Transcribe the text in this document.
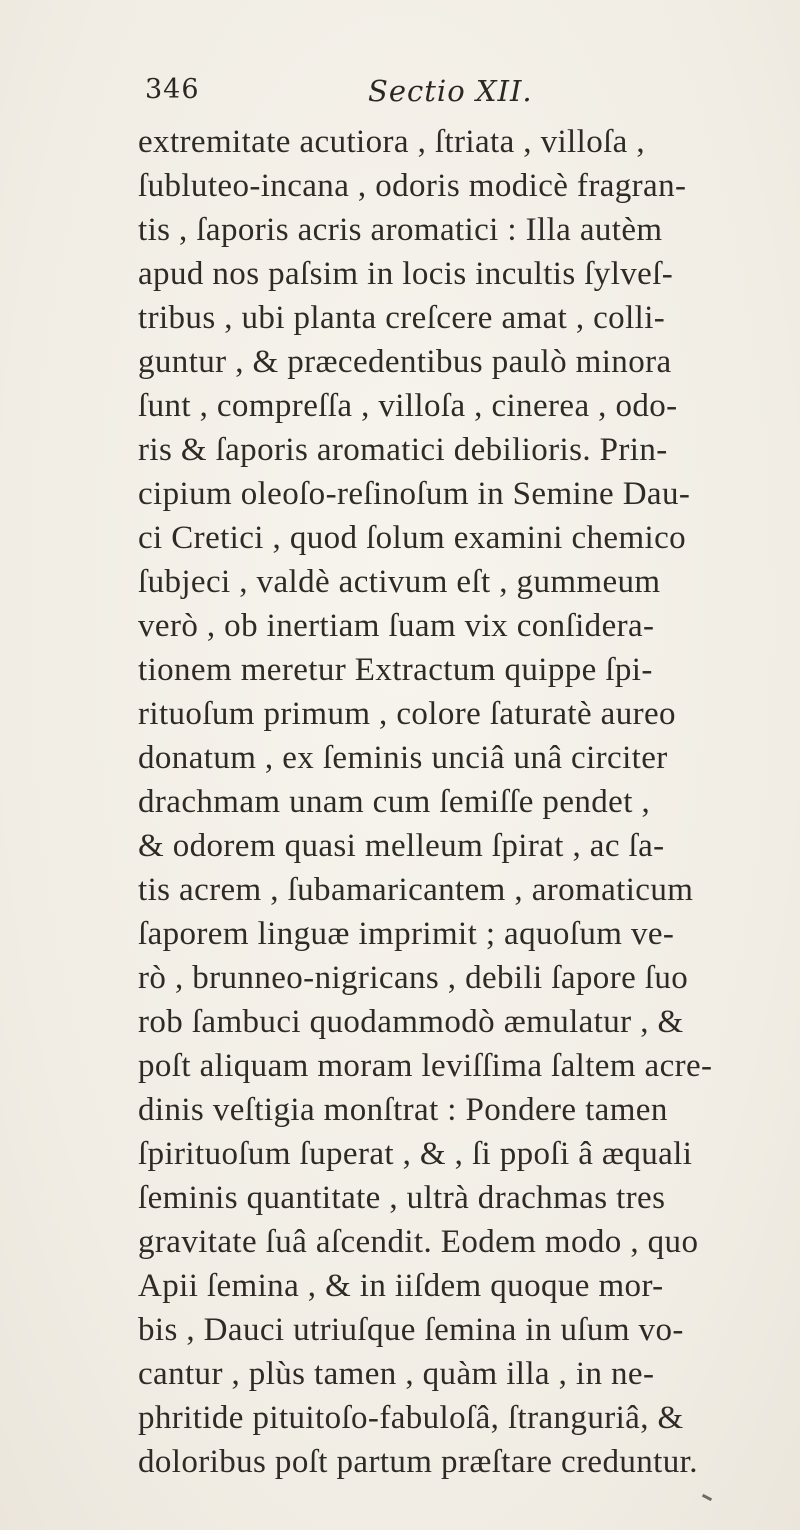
346	Sectio XII.
extremitate acutiora , ſtriata , villoſa ,
ſubluteo-incana , odoris modicè fragran-
tis , ſaporis acris aromatici : Illa autèm
apud nos paſsim in locis incultis ſylveſ-
tribus , ubi planta creſcere amat , colli-
guntur , & præcedentibus paulò minora
ſunt , compreſſa , villoſa , cinerea , odo-
ris & ſaporis aromatici debilioris. Prin-
cipium oleoſo-reſinoſum in Semine Dau-
ci Cretici , quod ſolum examini chemico
ſubjeci , valdè activum eſt , gummeum
verò , ob inertiam ſuam vix conſidera-
tionem meretur Extractum quippe ſpi-
rituoſum primum , colore ſaturatè aureo
donatum , ex ſeminis unciâ unâ circiter
drachmam unam cum ſemiſſe pendet ,
& odorem quasi melleum ſpirat , ac ſa-
tis acrem , ſubamaricantem , aromaticum
ſaporem linguæ imprimit ; aquoſum ve-
rò , brunneo-nigricans , debili ſapore ſuo
rob ſambuci quodammodò æmulatur , &
poſt aliquam moram leviſſima ſaltem acre-
dinis veſtigia monſtrat : Pondere tamen
ſpirituoſum ſuperat , & , ſi ppoſi â æquali
ſeminis quantitate , ultrà drachmas tres
gravitate ſuâ aſcendit. Eodem modo , quo
Apii ſemina , & in iiſdem quoque mor-
bis , Dauci utriuſque ſemina in uſum vo-
cantur , plùs tamen , quàm illa , in ne-
phritide pituitoſo-fabuloſâ, ſtranguriâ, &
doloribus poſt partum præſtare creduntur.
